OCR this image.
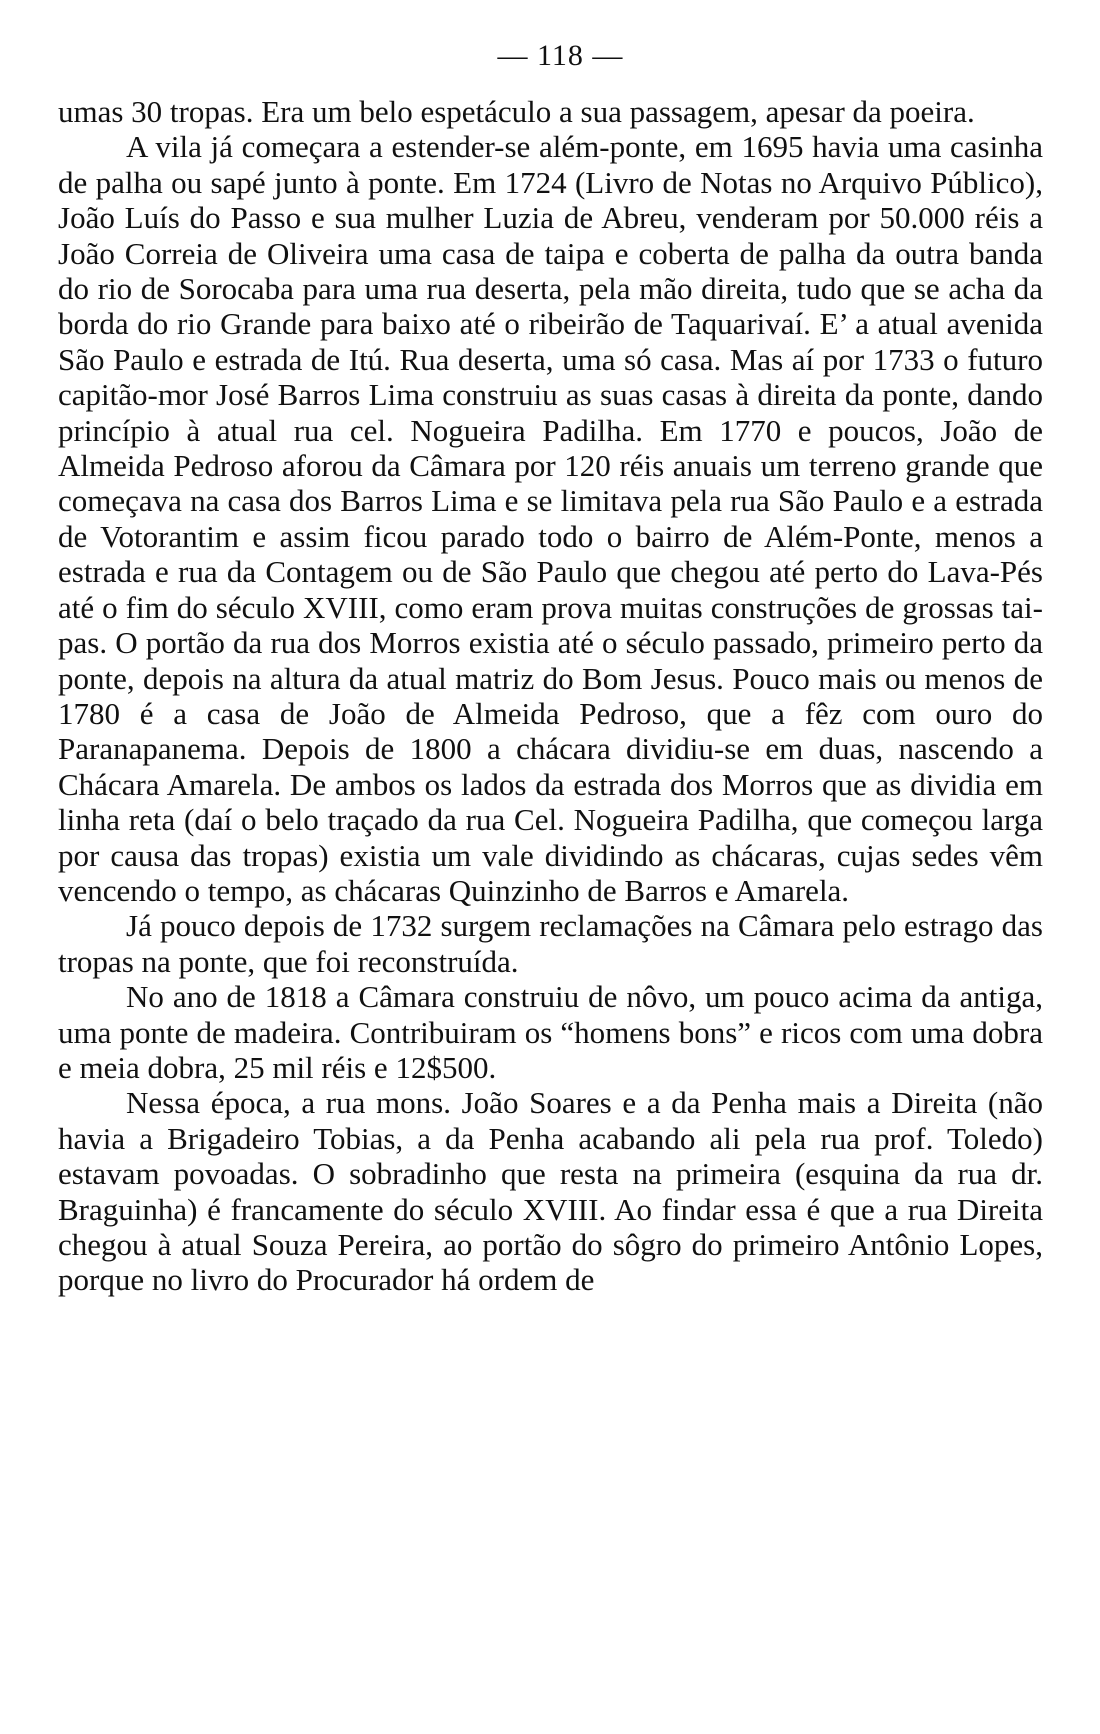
— 118 —

umas 30 tropas. Era um belo espetáculo a sua passagem, apesar da poeira.

A vila já começara a estender-se além-ponte, em 1695 havia uma casinha de palha ou sapé junto à ponte. Em 1724 (Livro de Notas no Arquivo Público), João Luís do Passo e sua mulher Luzia de Abreu, venderam por 50.000 réis a João Correia de Oliveira uma casa de taipa e coberta de palha da outra banda do rio de Sorocaba para uma rua deserta, pela mão direita, tudo que se acha da borda do rio Grande para baixo até o ribeirão de Taquarivaí. E’ a atual avenida São Paulo e estrada de Itú. Rua deserta, uma só casa. Mas aí por 1733 o futuro capitão-mor José Barros Lima construiu as suas casas à direita da ponte, dando princípio à atual rua cel. Nogueira Padilha. Em 1770 e poucos, João de Almeida Pedroso aforou da Câmara por 120 réis anuais um terreno grande que começava na casa dos Barros Lima e se limitava pela rua São Paulo e a estrada de Votorantim e assim ficou parado todo o bairro de Além-Ponte, menos a estrada e rua da Contagem ou de São Paulo que chegou até perto do Lava-Pés até o fim do século XVIII, como eram prova muitas construções de grossas taipas. O portão da rua dos Morros existia até o século passado, primeiro perto da ponte, depois na altura da atual matriz do Bom Jesus. Pouco mais ou menos de 1780 é a casa de João de Almeida Pedroso, que a fêz com ouro do Paranapanema. Depois de 1800 a chácara dividiu-se em duas, nascendo a Chácara Amarela. De ambos os lados da estrada dos Morros que as dividia em linha reta (daí o belo traçado da rua Cel. Nogueira Padilha, que começou larga por causa das tropas) existia um vale dividindo as chácaras, cujas sedes vêm vencendo o tempo, as chácaras Quinzinho de Barros e Amarela.

Já pouco depois de 1732 surgem reclamações na Câmara pelo estrago das tropas na ponte, que foi reconstruída.

No ano de 1818 a Câmara construiu de nôvo, um pouco acima da antiga, uma ponte de madeira. Contribuiram os “homens bons” e ricos com uma dobra e meia dobra, 25 mil réis e 12$500.

Nessa época, a rua mons. João Soares e a da Penha mais a Direita (não havia a Brigadeiro Tobias, a da Penha acabando ali pela rua prof. Toledo) estavam povoadas. O sobradinho que resta na primeira (esquina da rua dr. Braguinha) é francamente do século XVIII. Ao findar essa é que a rua Direita chegou à atual Souza Pereira, ao portão do sôgro do primeiro Antônio Lopes, porque no livro do Procurador há ordem de
